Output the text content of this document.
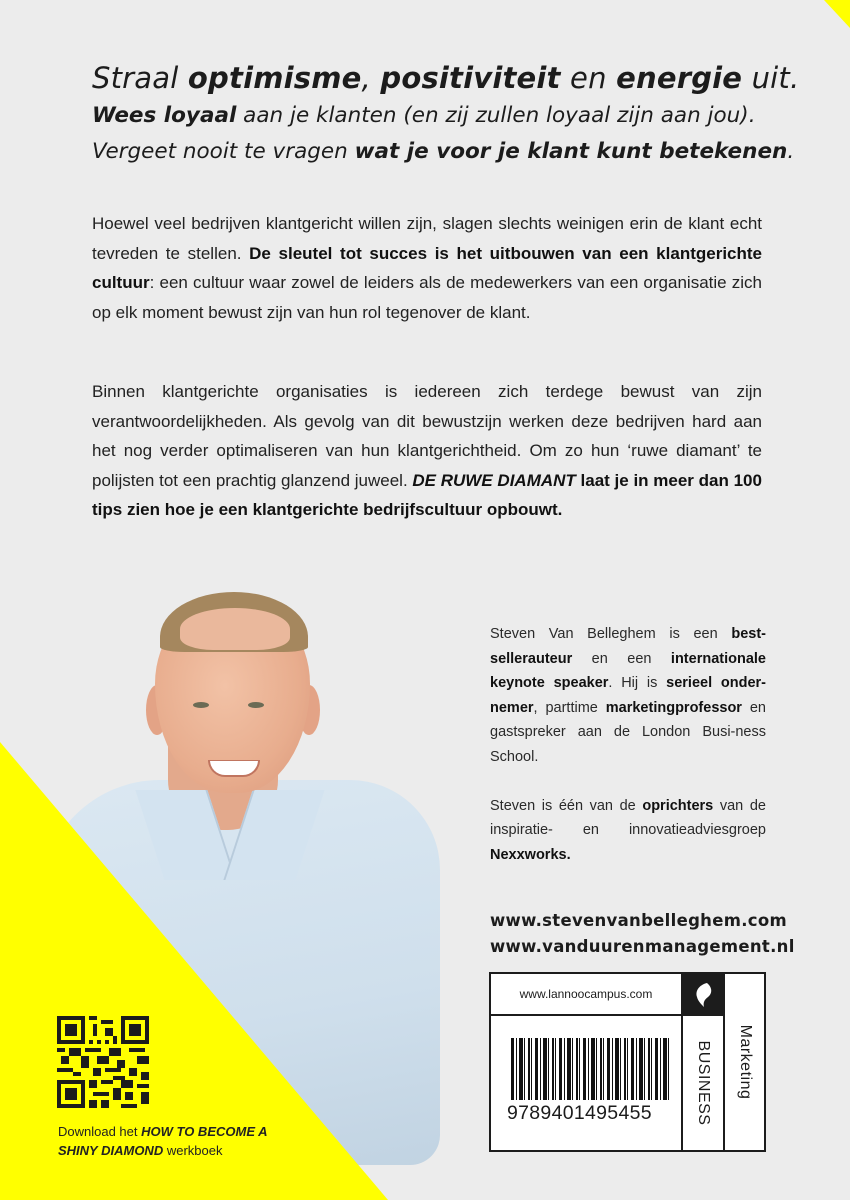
Straal optimisme, positiviteit en energie uit.
Wees loyaal aan je klanten (en zij zullen loyaal zijn aan jou).
Vergeet nooit te vragen wat je voor je klant kunt betekenen.
Hoewel veel bedrijven klantgericht willen zijn, slagen slechts weinigen erin de klant echt tevreden te stellen. De sleutel tot succes is het uitbouwen van een klantgerichte cultuur: een cultuur waar zowel de leiders als de medewerkers van een organisatie zich op elk moment bewust zijn van hun rol tegenover de klant.
Binnen klantgerichte organisaties is iedereen zich terdege bewust van zijn verantwoordelijkheden. Als gevolg van dit bewustzijn werken deze bedrijven hard aan het nog verder optimaliseren van hun klantgerichtheid. Om zo hun ‘ruwe diamant’ te polijsten tot een prachtig glanzend juweel. DE RUWE DIAMANT laat je in meer dan 100 tips zien hoe je een klantgerichte bedrijfscultuur opbouwt.

Steven Van Belleghem is een best-sellerauteur en een internationale keynote speaker. Hij is serieel onder-nemer, parttime marketingprofessor en gastspreker aan de London Busi-ness School.

Steven is één van de oprichters van de inspiratie- en innovatieadviesgroep Nexxworks.

www.stevenvanbelleghem.com
www.vanduurenmanagement.nl
www.lannoocampus.com
9789401495455	BUSINESS Marketing
Download het HOW TO BECOME A SHINY DIAMOND werkboek
